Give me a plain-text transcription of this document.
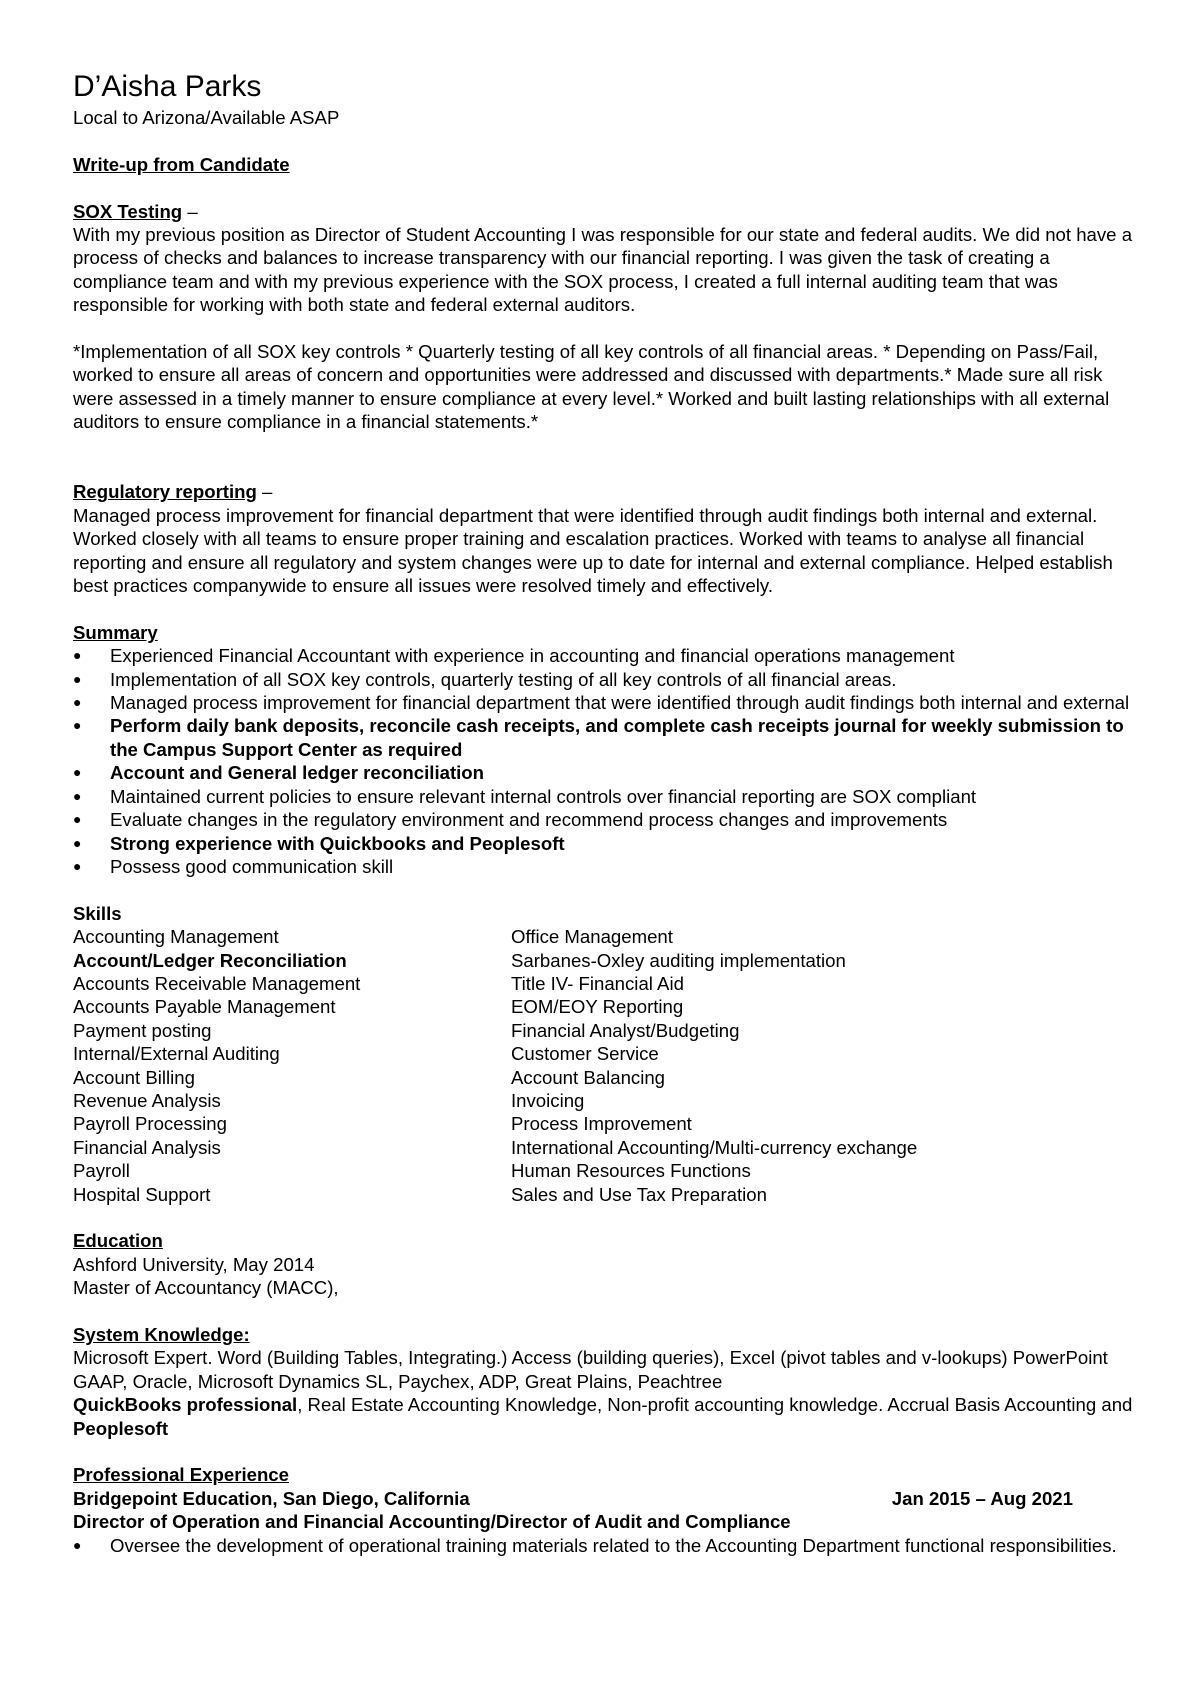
D’Aisha Parks

Local to Arizona/Available ASAP

Write-up from Candidate

SOX Testing –

With my previous position as Director of Student Accounting I was responsible for our state and federal audits. We did not have a process of checks and balances to increase transparency with our financial reporting. I was given the task of creating a compliance team and with my previous experience with the SOX process, I created a full internal auditing team that was responsible for working with both state and federal external auditors.

*Implementation of all SOX key controls * Quarterly testing of all key controls of all financial areas. * Depending on Pass/Fail, worked to ensure all areas of concern and opportunities were addressed and discussed with departments.* Made sure all risk were assessed in a timely manner to ensure compliance at every level.* Worked and built lasting relationships with all external auditors to ensure compliance in a financial statements.*

Regulatory reporting –

Managed process improvement for financial department that were identified through audit findings both internal and external. Worked closely with all teams to ensure proper training and escalation practices. Worked with teams to analyse all financial reporting and ensure all regulatory and system changes were up to date for internal and external compliance. Helped establish best practices companywide to ensure all issues were resolved timely and effectively.

Summary

● Experienced Financial Accountant with experience in accounting and financial operations management
● Implementation of all SOX key controls, quarterly testing of all key controls of all financial areas.
● Managed process improvement for financial department that were identified through audit findings both internal and external
● Perform daily bank deposits, reconcile cash receipts, and complete cash receipts journal for weekly submission to the Campus Support Center as required
● Account and General ledger reconciliation
● Maintained current policies to ensure relevant internal controls over financial reporting are SOX compliant
● Evaluate changes in the regulatory environment and recommend process changes and improvements
● Strong experience with Quickbooks and Peoplesoft
● Possess good communication skill

Skills

Accounting Management
Account/Ledger Reconciliation
Accounts Receivable Management
Accounts Payable Management
Payment posting
Internal/External Auditing
Account Billing
Revenue Analysis
Payroll Processing
Financial Analysis
Payroll
Hospital Support
Office Management
Sarbanes-Oxley auditing implementation
Title IV- Financial Aid
EOM/EOY Reporting
Financial Analyst/Budgeting
Customer Service
Account Balancing
Invoicing
Process Improvement
International Accounting/Multi-currency exchange
Human Resources Functions
Sales and Use Tax Preparation

Education

Ashford University, May 2014

Master of Accountancy (MACC),

System Knowledge:

Microsoft Expert. Word (Building Tables, Integrating.) Access (building queries), Excel (pivot tables and v-lookups) PowerPoint GAAP, Oracle, Microsoft Dynamics SL, Paychex, ADP, Great Plains, Peachtree

QuickBooks professional, Real Estate Accounting Knowledge, Non-profit accounting knowledge. Accrual Basis Accounting and Peoplesoft

Professional Experience

Bridgepoint Education, San Diego, California	Jan 2015 – Aug 2021

Director of Operation and Financial Accounting/Director of Audit and Compliance

● Oversee the development of operational training materials related to the Accounting Department functional responsibilities.
